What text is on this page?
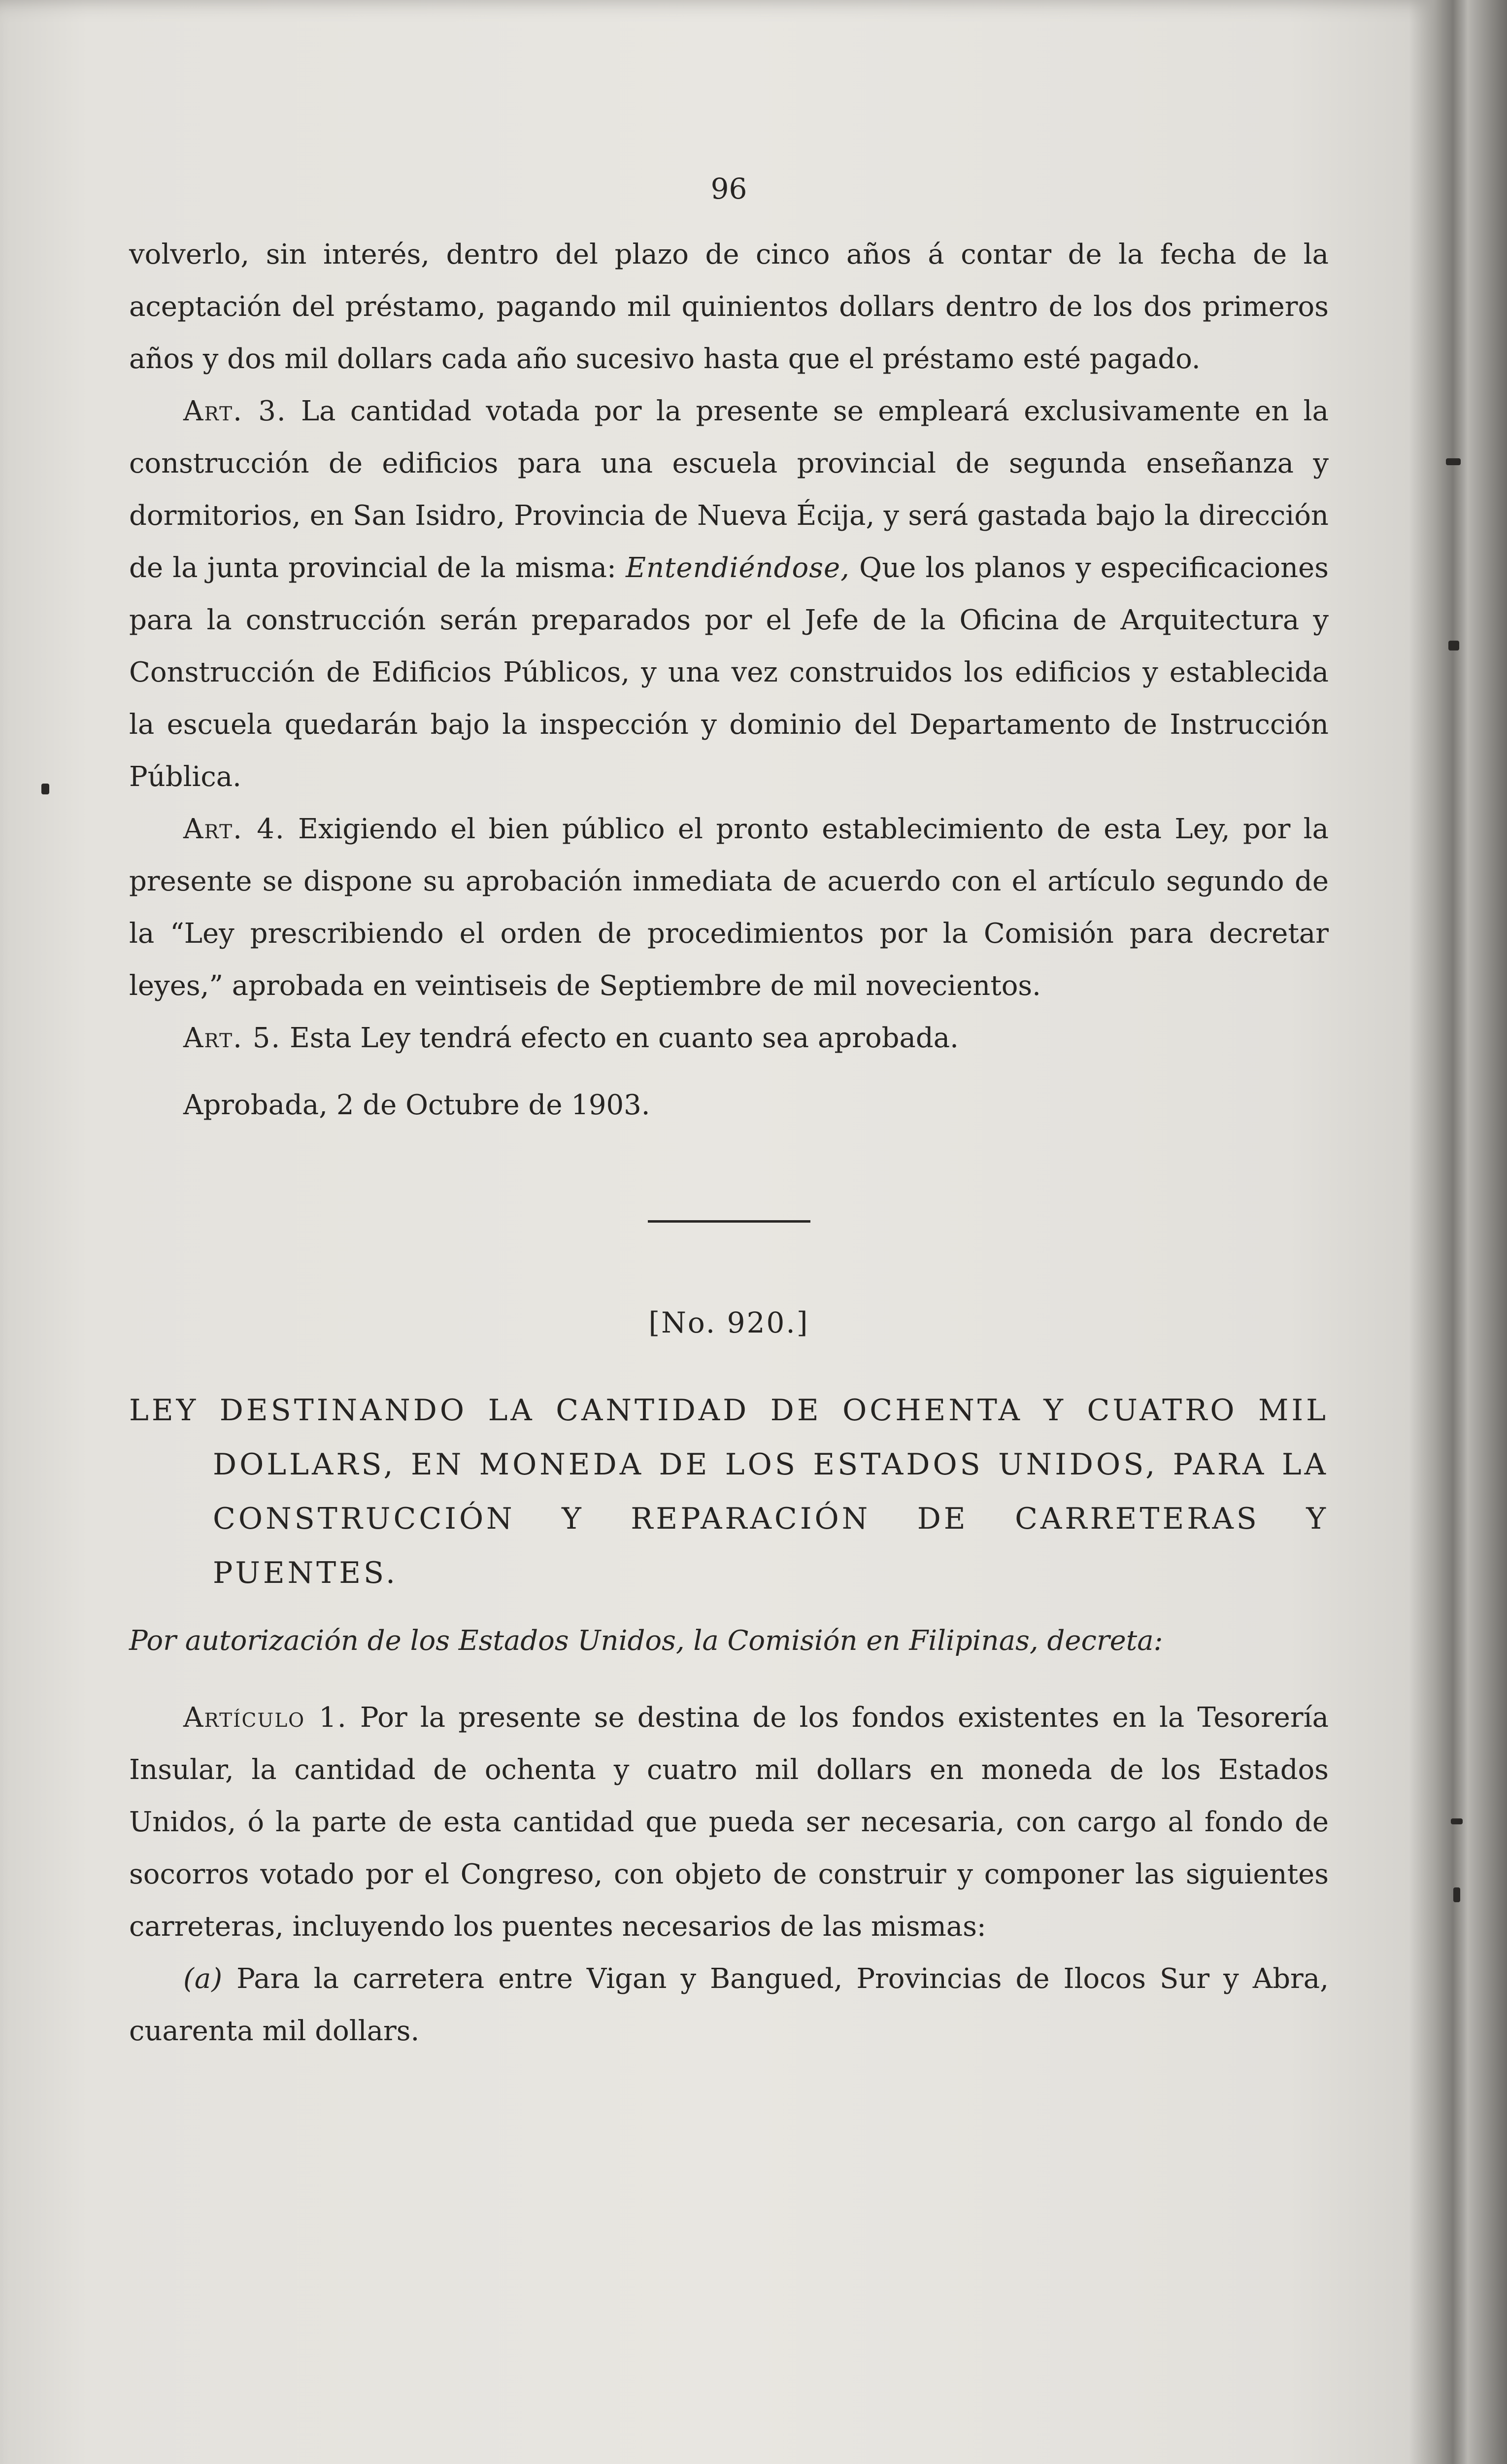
96

volverlo, sin interés, dentro del plazo de cinco años á contar de la fecha de la aceptación del préstamo, pagando mil quinientos dollars dentro de los dos primeros años y dos mil dollars cada año sucesivo hasta que el préstamo esté pagado.

Art. 3. La cantidad votada por la presente se empleará exclusivamente en la construcción de edificios para una escuela provincial de segunda enseñanza y dormitorios, en San Isidro, Provincia de Nueva Écija, y será gastada bajo la dirección de la junta provincial de la misma: Entendiéndose, Que los planos y especificaciones para la construcción serán preparados por el Jefe de la Oficina de Arquitectura y Construcción de Edificios Públicos, y una vez construidos los edificios y establecida la escuela quedarán bajo la inspección y dominio del Departamento de Instrucción Pública.

Art. 4. Exigiendo el bien público el pronto establecimiento de esta Ley, por la presente se dispone su aprobación inmediata de acuerdo con el artículo segundo de la “Ley prescribiendo el orden de procedimientos por la Comisión para decretar leyes,” aprobada en veintiseis de Septiembre de mil novecientos.

Art. 5. Esta Ley tendrá efecto en cuanto sea aprobada.

Aprobada, 2 de Octubre de 1903.

[No. 920.]

LEY DESTINANDO LA CANTIDAD DE OCHENTA Y CUATRO MIL DOLLARS, EN MONEDA DE LOS ESTADOS UNIDOS, PARA LA CONSTRUCCIÓN Y REPARACIÓN DE CARRETERAS Y PUENTES.

Por autorización de los Estados Unidos, la Comisión en Filipinas, decreta:

Artículo 1. Por la presente se destina de los fondos existentes en la Tesorería Insular, la cantidad de ochenta y cuatro mil dollars en moneda de los Estados Unidos, ó la parte de esta cantidad que pueda ser necesaria, con cargo al fondo de socorros votado por el Congreso, con objeto de construir y componer las siguientes carreteras, incluyendo los puentes necesarios de las mismas:

(a) Para la carretera entre Vigan y Bangued, Provincias de Ilocos Sur y Abra, cuarenta mil dollars.
